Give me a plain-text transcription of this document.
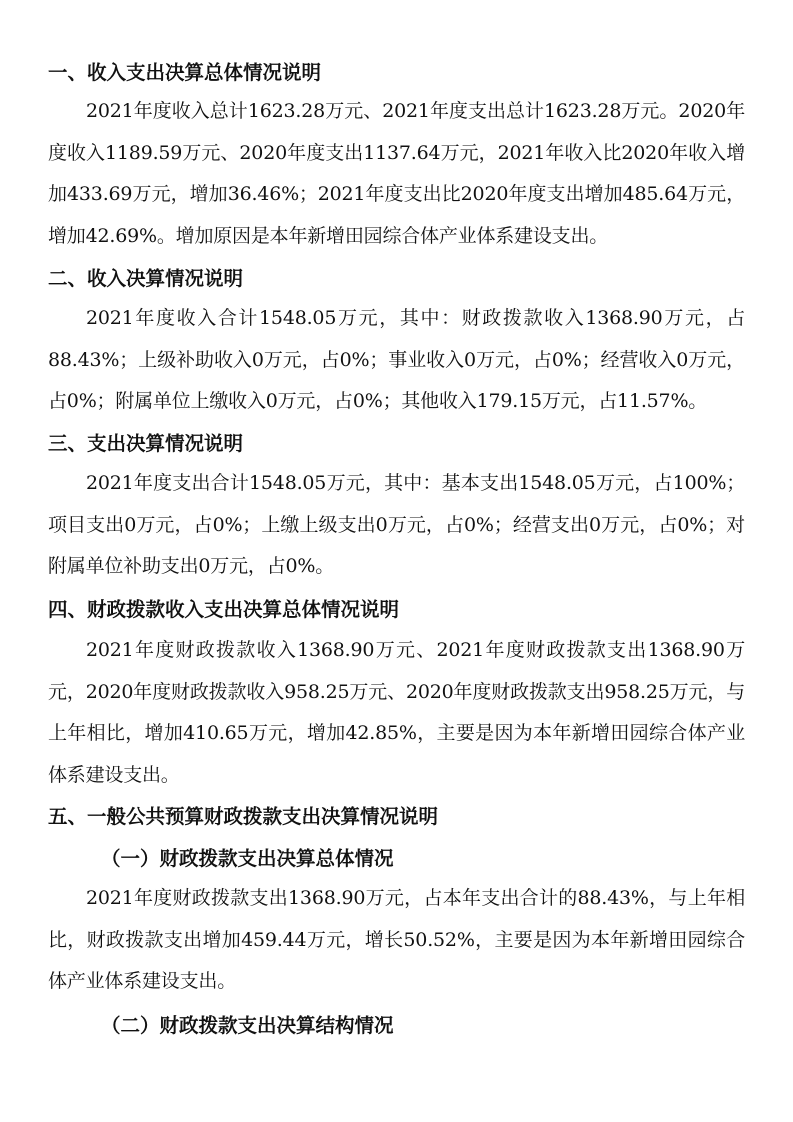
一、收入支出决算总体情况说明

2021年度收入总计1623.28万元、2021年度支出总计1623.28万元。2020年度收入1189.59万元、2020年度支出1137.64万元，2021年收入比2020年收入增加433.69万元，增加36.46%；2021年度支出比2020年度支出增加485.64万元，增加42.69%。增加原因是本年新增田园综合体产业体系建设支出。

二、收入决算情况说明

2021年度收入合计1548.05万元，其中：财政拨款收入1368.90万元，占88.43%；上级补助收入0万元，占0%；事业收入0万元，占0%；经营收入0万元，占0%；附属单位上缴收入0万元，占0%；其他收入179.15万元，占11.57%。

三、支出决算情况说明

2021年度支出合计1548.05万元，其中：基本支出1548.05万元，占100%；项目支出0万元，占0%；上缴上级支出0万元，占0%；经营支出0万元，占0%；对附属单位补助支出0万元，占0%。

四、财政拨款收入支出决算总体情况说明

2021年度财政拨款收入1368.90万元、2021年度财政拨款支出1368.90万元，2020年度财政拨款收入958.25万元、2020年度财政拨款支出958.25万元，与上年相比，增加410.65万元，增加42.85%，主要是因为本年新增田园综合体产业体系建设支出。

五、一般公共预算财政拨款支出决算情况说明
（一）财政拨款支出决算总体情况

2021年度财政拨款支出1368.90万元，占本年支出合计的88.43%，与上年相比，财政拨款支出增加459.44万元，增长50.52%，主要是因为本年新增田园综合体产业体系建设支出。

（二）财政拨款支出决算结构情况
